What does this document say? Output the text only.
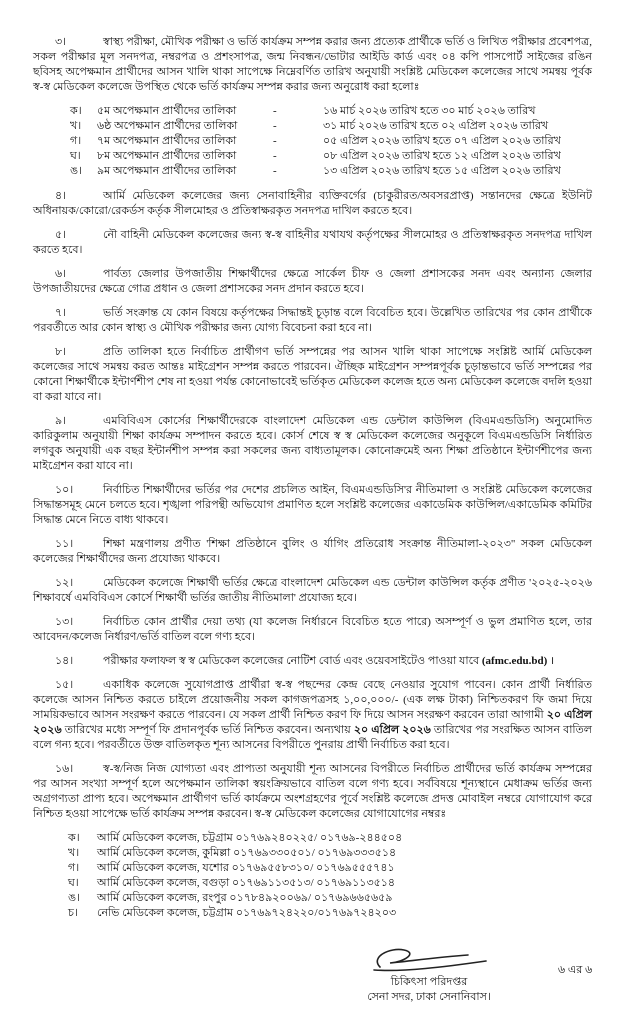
৩।	স্বাস্থ্য পরীক্ষা, মৌখিক পরীক্ষা ও ভর্তি কার্যক্রম সম্পন্ন করার জন্য প্রত্যেক প্রার্থীকে ভর্তি ও লিখিত পরীক্ষার প্রবেশপত্র, সকল পরীক্ষার মূল সনদপত্র, নম্বরপত্র ও প্রশংসাপত্র, জন্ম নিবন্ধন/ভোটার আইডি কার্ড এবং ০৪ কপি পাসপোর্ট সাইজের রঙিন ছবিসহ অপেক্ষমান প্রার্থীদের আসন খালি থাকা সাপেক্ষে নিম্নেবর্ণিত তারিখ অনুযায়ী সংশ্লিষ্ট মেডিকেল কলেজের সাথে সমন্বয় পূর্বক স্ব-স্ব মেডিকেল কলেজে উপস্থিত থেকে ভর্তি কার্যক্রম সম্পন্ন করার জন্য অনুরোধ করা হলোঃ

ক।	৫ম অপেক্ষমান প্রার্থীদের তালিকা	-	১৬ মার্চ ২০২৬ তারিখ হতে ৩০ মার্চ ২০২৬ তারিখ
খ।	৬ষ্ঠ অপেক্ষমান প্রার্থীদের তালিকা	-	৩১ মার্চ ২০২৬ তারিখ হতে ০২ এপ্রিল ২০২৬ তারিখ
গ।	৭ম অপেক্ষমান প্রার্থীদের তালিকা	-	০৫ এপ্রিল ২০২৬ তারিখ হতে ০৭ এপ্রিল ২০২৬ তারিখ
ঘ।	৮ম অপেক্ষমান প্রার্থীদের তালিকা	-	০৮ এপ্রিল ২০২৬ তারিখ হতে ১২ এপ্রিল ২০২৬ তারিখ
ঙ।	৯ম অপেক্ষমান প্রার্থীদের তালিকা	-	১৩ এপ্রিল ২০২৬ তারিখ হতে ১৫ এপ্রিল ২০২৬ তারিখ

৪।	আর্মি মেডিকেল কলেজের জন্য সেনাবাহিনীর ব্যক্তিবর্গের (চাকুরীরত/অবসরপ্রাপ্ত) সন্তানদের ক্ষেত্রে ইউনিট অধিনায়ক/কোরো/রেকর্ডস কর্তৃক সীলমোহর ও প্রতিস্বাক্ষরকৃত সনদপত্র দাখিল করতে হবে।

৫।	নৌ বাহিনী মেডিকেল কলেজের জন্য স্ব-স্ব বাহিনীর যথাযথ কর্তৃপক্ষের সীলমোহর ও প্রতিস্বাক্ষরকৃত সনদপত্র দাখিল করতে হবে।

৬।	পার্বত্য জেলার উপজাতীয় শিক্ষার্থীদের ক্ষেত্রে সার্কেল চীফ ও জেলা প্রশাসকের সনদ এবং অন্যান্য জেলার উপজাতীয়দের ক্ষেত্রে গোত্র প্রধান ও জেলা প্রশাসকের সনদ প্রদান করতে হবে।

৭।	ভর্তি সংক্রান্ত যে কোন বিষয়ে কর্তৃপক্ষের সিদ্ধান্তই চূড়ান্ত বলে বিবেচিত হবে। উল্লেখিত তারিখের পর কোন প্রার্থীকে পরবর্তীতে আর কোন স্বাস্থ্য ও মৌখিক পরীক্ষার জন্য যোগ্য বিবেচনা করা হবে না।

৮।	প্রতি তালিকা হতে নির্বাচিত প্রার্থীগণ ভর্তি সম্পন্নের পর আসন খালি থাকা সাপেক্ষে সংশ্লিষ্ট আর্মি মেডিকেল কলেজের সাথে সমন্বয় করত আন্তঃ মাইগ্রেশন সম্পন্ন করতে পারবেন। ঐচ্ছিক মাইগ্রেশন সম্পন্নপূর্বক চূড়ান্তভাবে ভর্তি সম্পন্নের পর কোনো শিক্ষার্থীকে ইন্টার্ণশীপ শেষ না হওয়া পর্যন্ত কোনোভাবেই ভর্তিকৃত মেডিকেল কলেজ হতে অন্য মেডিকেল কলেজে বদলি হওয়া বা করা যাবে না।

৯।	এমবিবিএস কোর্সের শিক্ষার্থীদেরকে বাংলাদেশ মেডিকেল এন্ড ডেন্টাল কাউন্সিল (বিএমএন্ডডিসি) অনুমোদিত কারিকুলাম অনুযায়ী শিক্ষা কার্যক্রম সম্পাদন করতে হবে। কোর্স শেষে স্ব স্ব মেডিকেল কলেজের অনুকূলে বিএমএন্ডডিসি নির্ধারিত লগবুক অনুযায়ী এক বছর ইন্টার্নশীপ সম্পন্ন করা সকলের জন্য বাধ্যতামূলক। কোনোক্রমেই অন্য শিক্ষা প্রতিষ্ঠানে ইন্টার্ণশীপের জন্য মাইগ্রেশন করা যাবে না।

১০।	নির্বাচিত শিক্ষার্থীদের ভর্তির পর দেশের প্রচলিত আইন, বিএমএন্ডডিসি'র নীতিমালা ও সংশ্লিষ্ট মেডিকেল কলেজের সিদ্ধান্তসমূহ মেনে চলতে হবে। শৃঙ্খলা পরিপন্থী অভিযোগ প্রমাণিত হলে সংশ্লিষ্ট কলেজের একাডেমিক কাউন্সিল/একাডেমিক কমিটির সিদ্ধান্ত মেনে নিতে বাধ্য থাকবে।

১১।	শিক্ষা মন্ত্রণালয় প্রণীত 'শিক্ষা প্রতিষ্ঠানে বুলিং ও র্যাগিং প্রতিরোধ সংক্রান্ত নীতিমালা-২০২৩" সকল মেডিকেল কলেজের শিক্ষার্থীদের জন্য প্রযোজ্য থাকবে।

১২।	মেডিকেল কলেজে শিক্ষার্থী ভর্তির ক্ষেত্রে বাংলাদেশ মেডিকেল এন্ড ডেন্টাল কাউন্সিল কর্তৃক প্রণীত '২০২৫-২০২৬ শিক্ষাবর্ষে এমবিবিএস কোর্সে শিক্ষার্থী ভর্তির জাতীয় নীতিমালা' প্রযোজ্য হবে।

১৩।	নির্বাচিত কোন প্রার্থীর দেয়া তথ্য (যা কলেজ নির্ধারনে বিবেচিত হতে পারে) অসম্পূর্ণ ও ভুল প্রমাণিত হলে, তার আবেদন/কলেজ নির্ধারণ/ভর্তি বাতিল বলে গণ্য হবে।

১৪।	পরীক্ষার ফলাফল স্ব স্ব মেডিকেল কলেজের নোটিশ বোর্ড এবং ওয়েবসাইটেও পাওয়া যাবে (afmc.edu.bd) ।

১৫।	একাধিক কলেজে সুযোগপ্রাপ্ত প্রার্থীরা স্ব-স্ব পছন্দের কেন্দ্র বেছে নেওয়ার সুযোগ পাবেন। কোন প্রার্থী নির্ধারিত কলেজে আসন নিশ্চিত করতে চাইলে প্রয়োজনীয় সকল কাগজপত্রসহ ১,০০,০০০/- (এক লক্ষ টাকা) নিশ্চিতকরণ ফি জমা দিয়ে সাময়িকভাবে আসন সংরক্ষণ করতে পারবেন। যে সকল প্রার্থী নিশ্চিত করণ ফি দিয়ে আসন সংরক্ষণ করবেন তারা আগামী ২০ এপ্রিল ২০২৬ তারিখের মধ্যে সম্পূর্ণ ফি প্রদানপূর্বক ভর্তি নিশ্চিত করবেন। অন্যথায় ২০ এপ্রিল ২০২৬ তারিখের পর সংরক্ষিত আসন বাতিল বলে গন্য হবে। পরবর্তীতে উক্ত বাতিলকৃত শূন্য আসনের বিপরীতে পুনরায় প্রার্থী নির্বাচিত করা হবে।

১৬।	স্ব-স্ব/নিজ নিজ যোগ্যতা এবং প্রাপ্যতা অনুযায়ী শূন্য আসনের বিপরীতে নির্বাচিত প্রার্থীদের ভর্তি কার্যক্রম সম্পন্নের পর আসন সংখ্যা সম্পূর্ণ হলে অপেক্ষমান তালিকা স্বয়ংক্রিয়ভাবে বাতিল বলে গণ্য হবে। সর্ববিষয়ে শূন্যস্থানে মেধাক্রম ভর্তির জন্য অগ্রগণ্যতা প্রাপ্য হবে। অপেক্ষমান প্রার্থীগণ ভর্তি কার্যক্রমে অংশগ্রহণের পূর্বে সংশ্লিষ্ট কলেজে প্রদত্ত মোবাইল নম্বরে যোগাযোগ করে নিশ্চিত হওয়া সাপেক্ষে ভর্তি কার্যক্রম সম্পন্ন করবেন। স্ব-স্ব মেডিকেল কলেজের যোগাযোগের নম্বরঃ

ক।	আর্মি মেডিকেল কলেজ, চট্টগ্রাম ০১৭৬৯২৪০২২৫/ ০১৭৬৯-২৪৪৫০৪
খ।	আর্মি মেডিকেল কলেজ, কুমিল্লা ০১৭৬৯৩৩০৫০১/ ০১৭৬৯৩৩৩৫১৪
গ।	আর্মি মেডিকেল কলেজ, যশোর ০১৭৬৯৫৫৮৩১০/ ০১৭৬৯৫৫৫৭৪১
ঘ।	আর্মি মেডিকেল কলেজ, বগুড়া ০১৭৬৯১১৩৫১৩/ ০১৭৬৯১১৩৫১৪
ঙ।	আর্মি মেডিকেল কলেজ, রংপুর ০১৭৮৪৯২০০৬৯/ ০১৭৬৯৬৬৫৬৫৯
চ।	নেভি মেডিকেল কলেজ, চট্টগ্রাম ০১৭৬৯৭২৪২২০/০১৭৬৯৭২৪২০৩
চিকিৎসা পরিদপ্তর
সেনা সদর, ঢাকা সেনানিবাস।
৬ এর ৬
